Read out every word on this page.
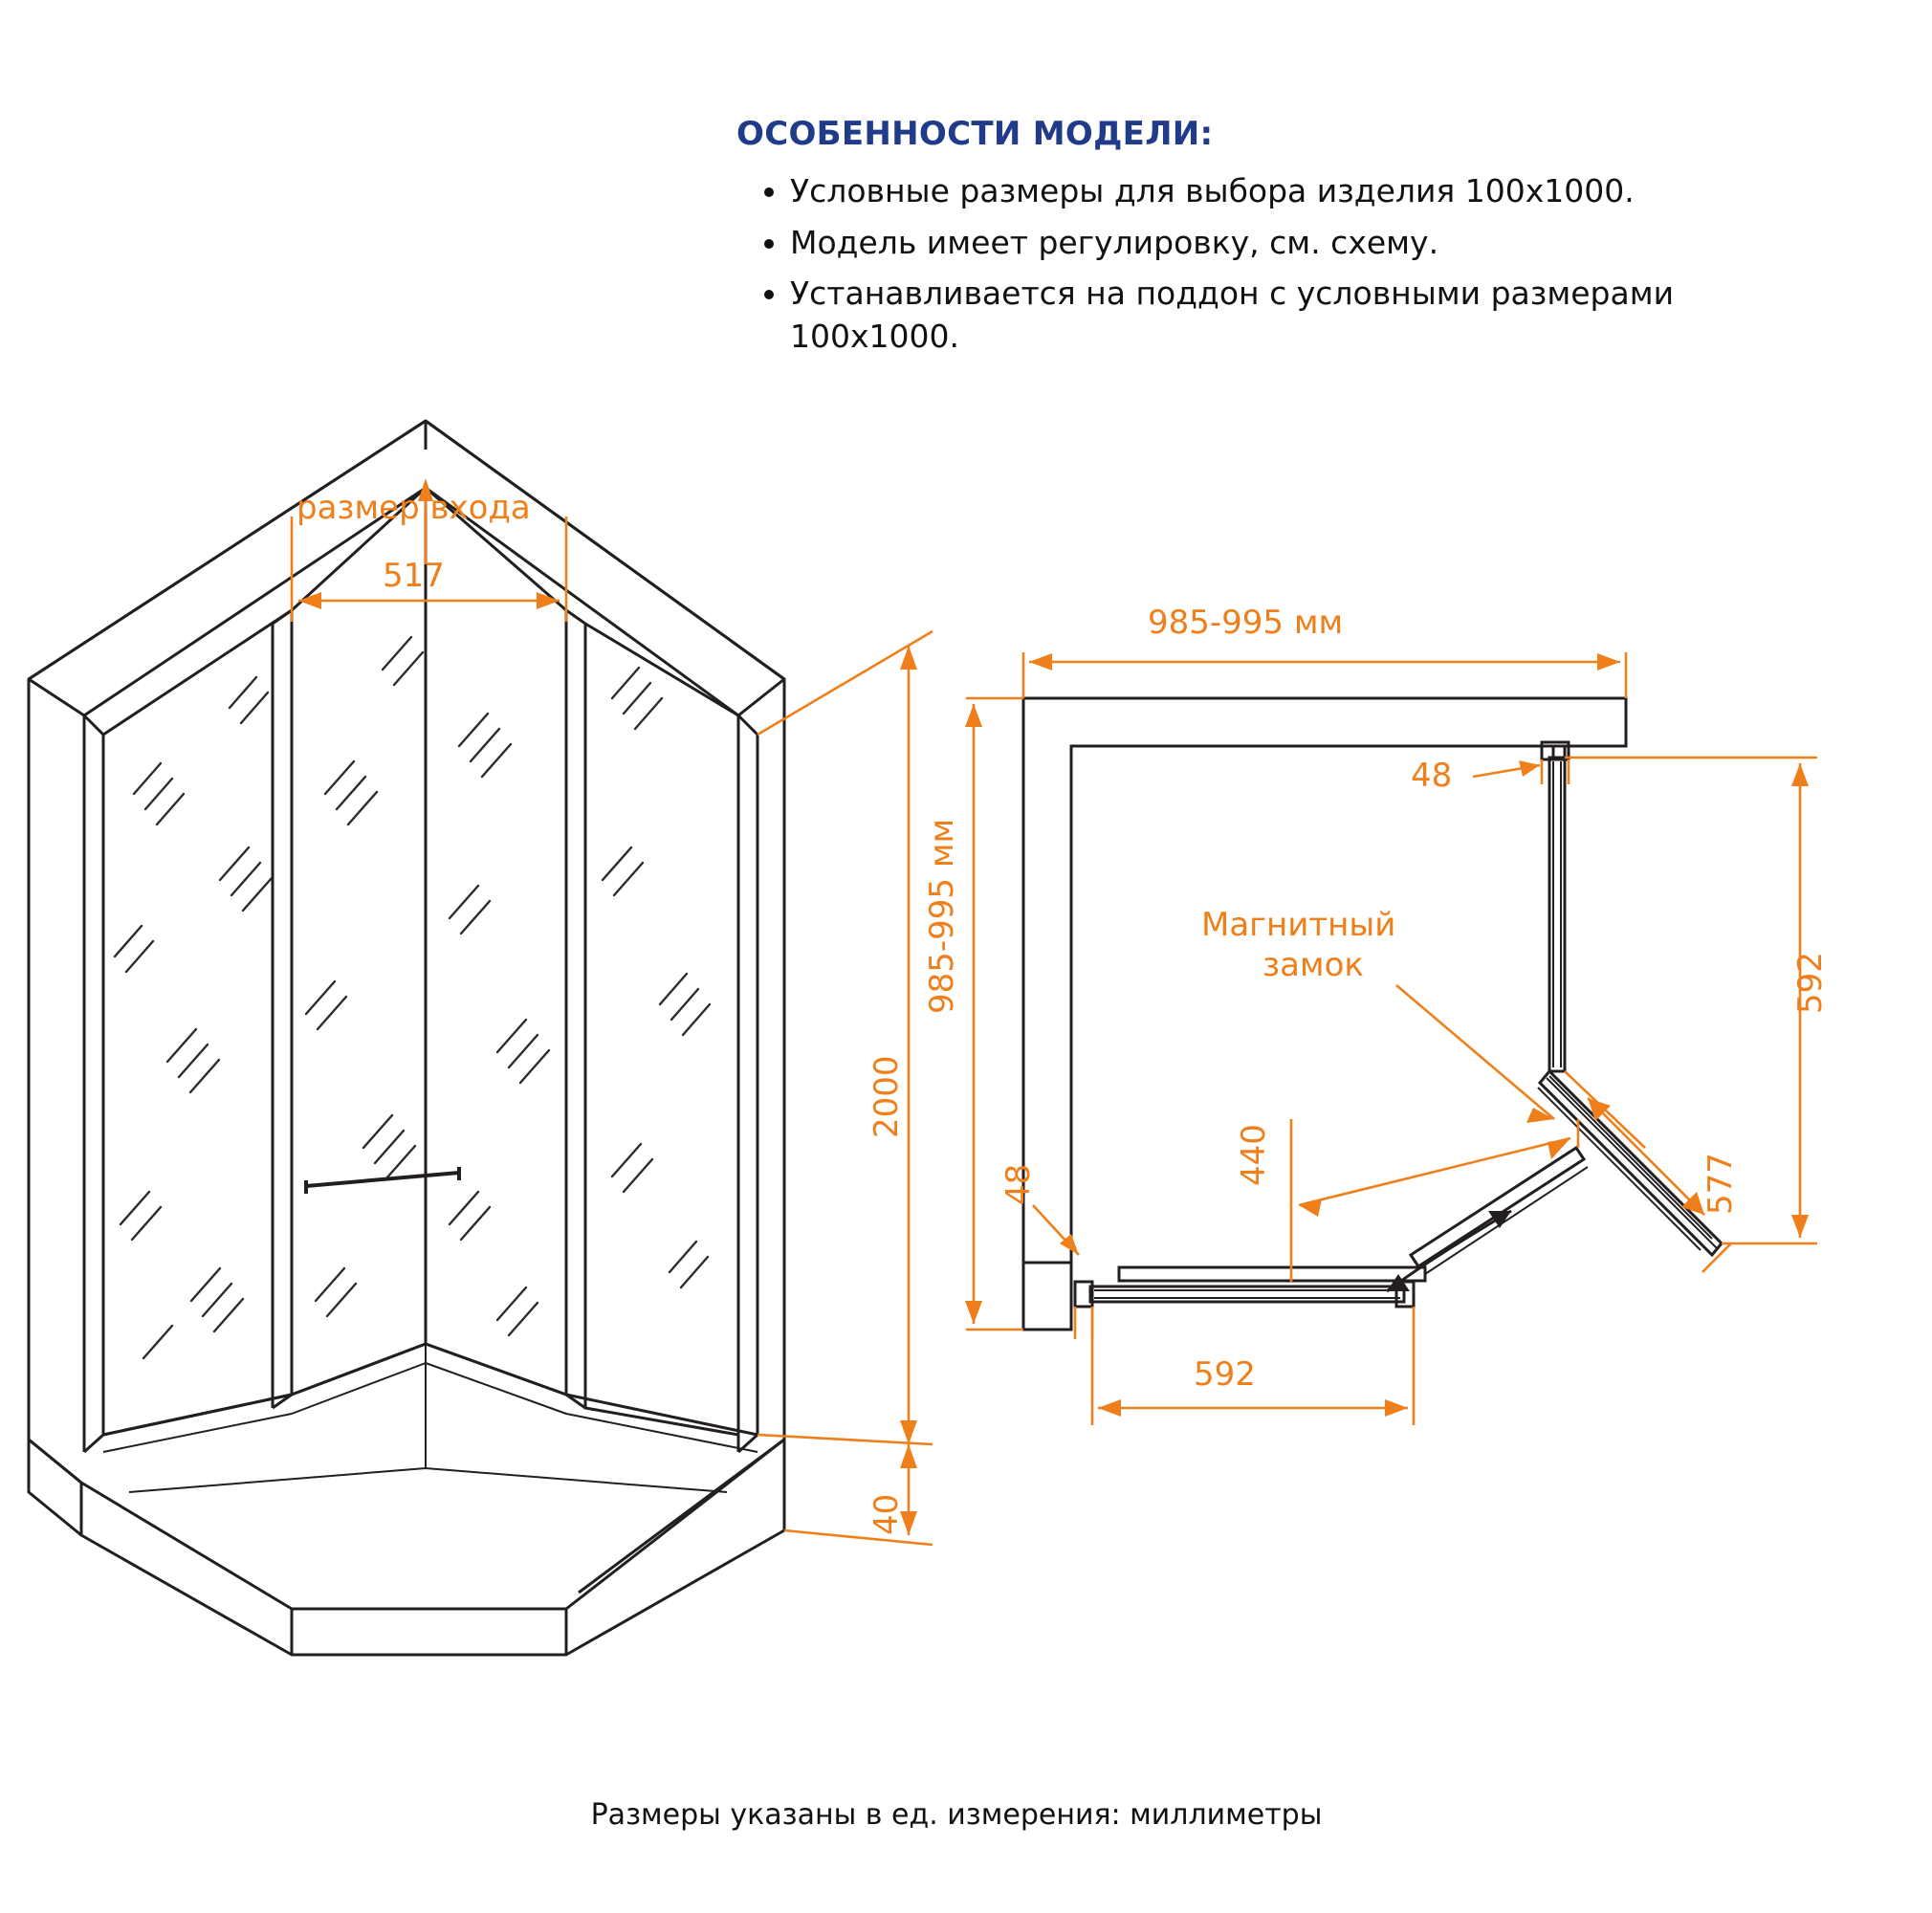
ОСОБЕННОСТИ МОДЕЛИ:
• Условные размеры для выбора изделия 100х1000.
• Модель имеет регулировку, см. схему.
• Устанавливается на поддон с условными размерами 100х1000.
размер входа
517
2000
40
985-995 мм
985-995 мм
48
592
577
440
48
592
Магнитный
замок
Размеры указаны в ед. измерения: миллиметры
